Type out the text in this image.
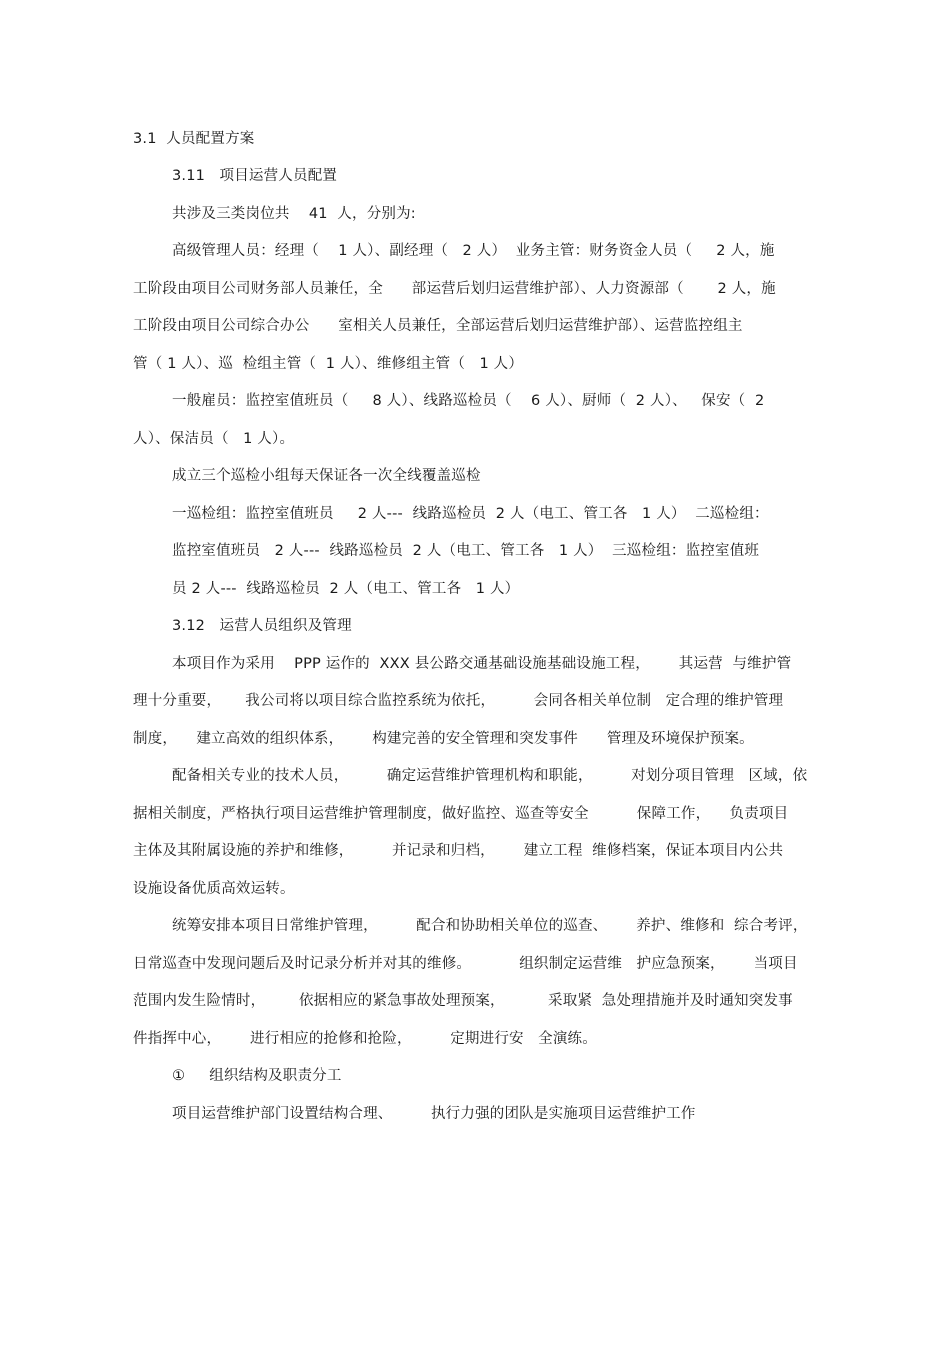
3.1  人员配置方案
3.11   项目运营人员配置
共涉及三类岗位共    41  人，分别为:
高级管理人员：经理（    1 人）、副经理（   2 人）  业务主管：财务资金人员（     2 人，施
工阶段由项目公司财务部人员兼任，全      部运营后划归运营维护部）、人力资源部（       2 人，施
工阶段由项目公司综合办公      室相关人员兼任，全部运营后划归运营维护部）、运营监控组主
管（ 1 人）、巡  检组主管（  1 人）、维修组主管（   1 人）
一般雇员：监控室值班员（     8 人）、线路巡检员（    6 人）、厨师（  2 人）、   保安（  2
人）、保洁员（   1 人）。
成立三个巡检小组每天保证各一次全线覆盖巡检
一巡检组：监控室值班员     2 人---  线路巡检员  2 人（电工、管工各   1 人）  二巡检组：
监控室值班员   2 人---  线路巡检员  2 人（电工、管工各   1 人）  三巡检组：监控室值班
员 2 人---  线路巡检员  2 人（电工、管工各   1 人）
3.12   运营人员组织及管理
本项目作为采用    PPP 运作的  XXX 县公路交通基础设施基础设施工程，      其运营  与维护管
理十分重要，     我公司将以项目综合监控系统为依托，        会同各相关单位制   定合理的维护管理
制度，    建立高效的组织体系，      构建完善的安全管理和突发事件      管理及环境保护预案。
配备相关专业的技术人员，        确定运营维护管理机构和职能，        对划分项目管理   区域，依
据相关制度，严格执行项目运营维护管理制度，做好监控、巡查等安全          保障工作，    负责项目
主体及其附属设施的养护和维修，        并记录和归档，      建立工程  维修档案，保证本项目内公共
设施设备优质高效运转。
统筹安排本项目日常维护管理，        配合和协助相关单位的巡查、      养护、维修和  综合考评，
日常巡查中发现问题后及时记录分析并对其的维修。          组织制定运营维   护应急预案，      当项目
范围内发生险情时，       依据相应的紧急事故处理预案，         采取紧  急处理措施并及时通知突发事
件指挥中心，      进行相应的抢修和抢险，        定期进行安   全演练。
①     组织结构及职责分工
项目运营维护部门设置结构合理、        执行力强的团队是实施项目运营维护工作
